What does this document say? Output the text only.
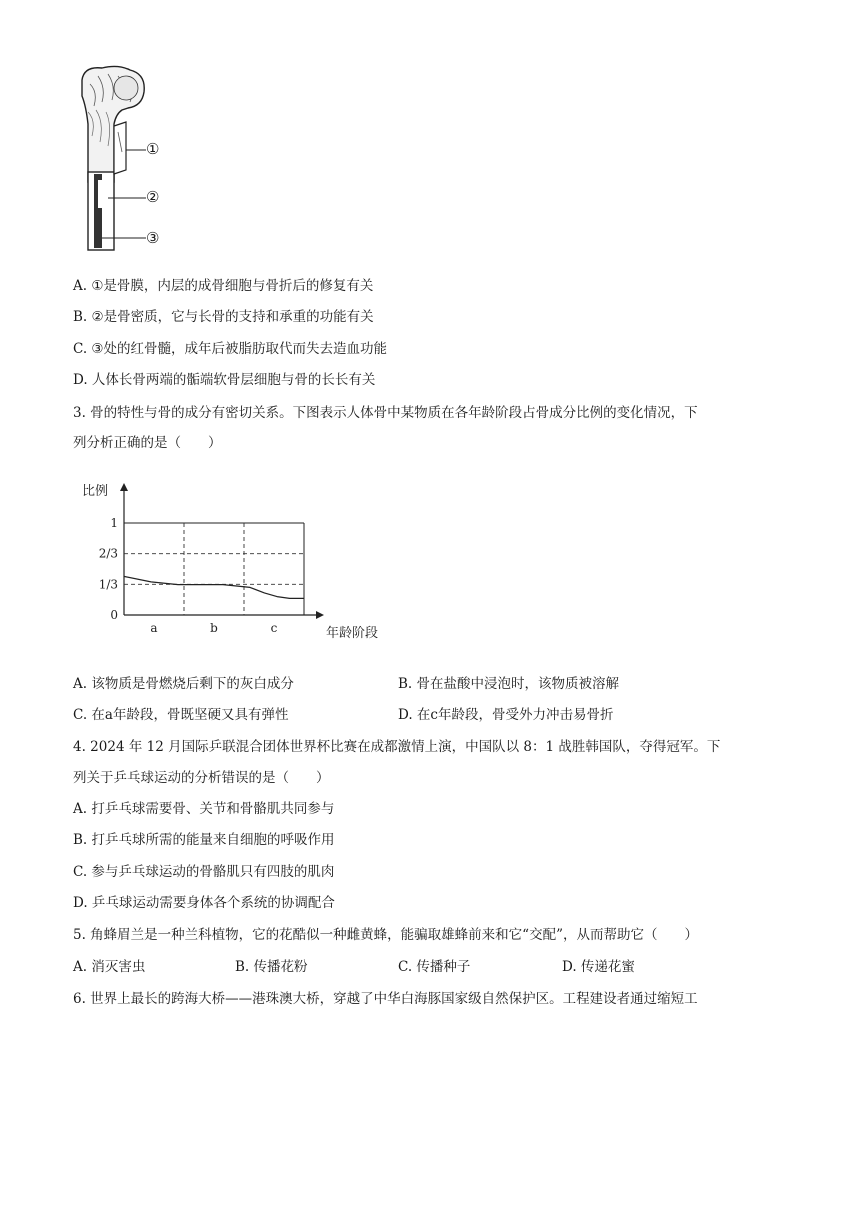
①
②
③
A. ①是骨膜，内层的成骨细胞与骨折后的修复有关
B. ②是骨密质，它与长骨的支持和承重的功能有关
C. ③处的红骨髓，成年后被脂肪取代而失去造血功能
D. 人体长骨两端的骺端软骨层细胞与骨的长长有关
3. 骨的特性与骨的成分有密切关系。下图表示人体骨中某物质在各年龄阶段占骨成分比例的变化情况，下
列分析正确的是（　　）
0
1/3
2/3
1
a	b	c
比例
年龄阶段
A. 该物质是骨燃烧后剩下的灰白成分	B. 骨在盐酸中浸泡时，该物质被溶解
C. 在a年龄段，骨既坚硬又具有弹性	D. 在c年龄段，骨受外力冲击易骨折
4. 2024 年 12 月国际乒联混合团体世界杯比赛在成都激情上演，中国队以 8：1 战胜韩国队，夺得冠军。下
列关于乒乓球运动的分析错误的是（　　）
A. 打乒乓球需要骨、关节和骨骼肌共同参与
B. 打乒乓球所需的能量来自细胞的呼吸作用
C. 参与乒乓球运动的骨骼肌只有四肢的肌肉
D. 乒乓球运动需要身体各个系统的协调配合
5. 角蜂眉兰是一种兰科植物，它的花酷似一种雌黄蜂，能骗取雄蜂前来和它“交配”，从而帮助它（　　）
A. 消灭害虫	B. 传播花粉	C. 传播种子	D. 传递花蜜
6. 世界上最长的跨海大桥——港珠澳大桥，穿越了中华白海豚国家级自然保护区。工程建设者通过缩短工
